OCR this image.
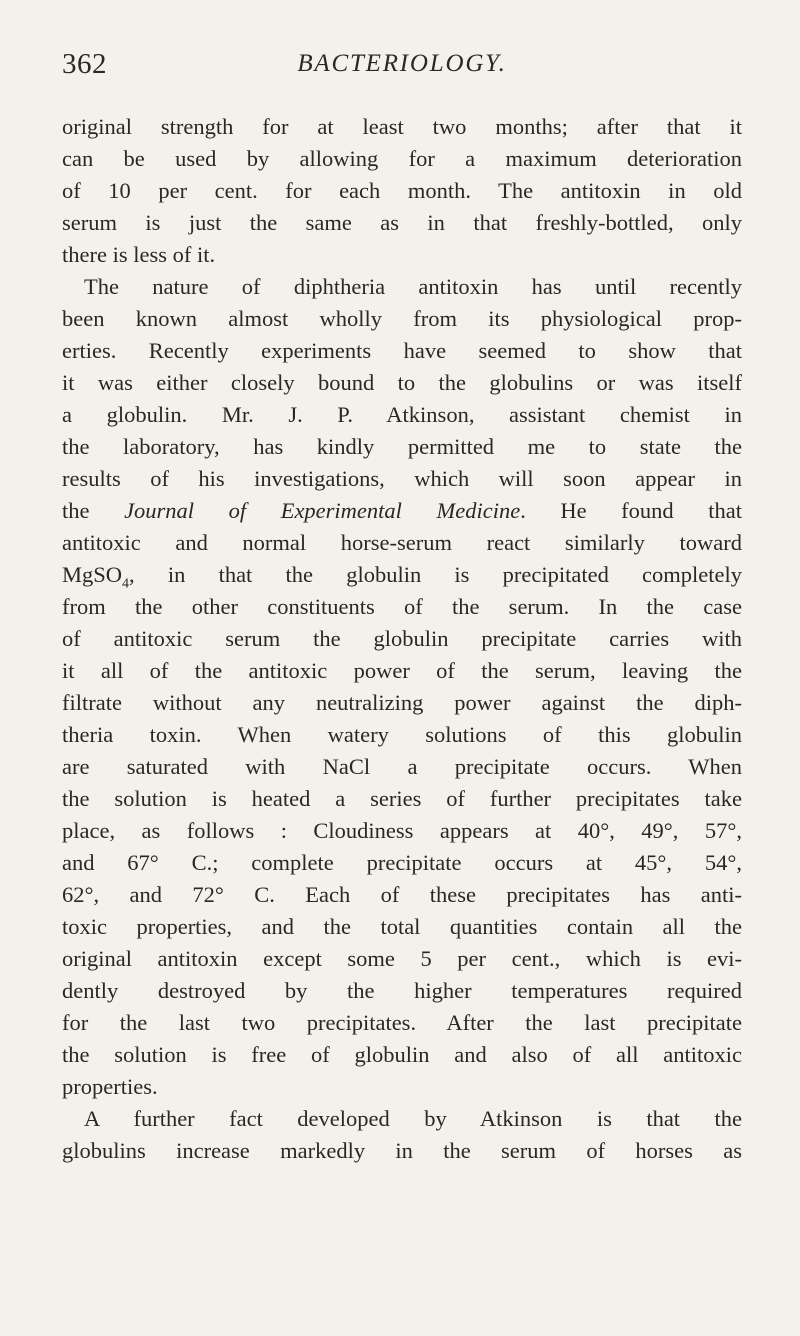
362	BACTERIOLOGY.
original strength for at least two months; after that it
can be used by allowing for a maximum deterioration
of 10 per cent. for each month. The antitoxin in old
serum is just the same as in that freshly-bottled, only
there is less of it.
The nature of diphtheria antitoxin has until recently
been known almost wholly from its physiological prop-
erties. Recently experiments have seemed to show that
it was either closely bound to the globulins or was itself
a globulin. Mr. J. P. Atkinson, assistant chemist in
the laboratory, has kindly permitted me to state the
results of his investigations, which will soon appear in
the Journal of Experimental Medicine. He found that
antitoxic and normal horse-serum react similarly toward
MgSO$_4$, in that the globulin is precipitated completely
from the other constituents of the serum. In the case
of antitoxic serum the globulin precipitate carries with
it all of the antitoxic power of the serum, leaving the
filtrate without any neutralizing power against the diph-
theria toxin. When watery solutions of this globulin
are saturated with NaCl a precipitate occurs. When
the solution is heated a series of further precipitates take
place, as follows : Cloudiness appears at 40°, 49°, 57°,
and 67° C.; complete precipitate occurs at 45°, 54°,
62°, and 72° C. Each of these precipitates has anti-
toxic properties, and the total quantities contain all the
original antitoxin except some 5 per cent., which is evi-
dently destroyed by the higher temperatures required
for the last two precipitates. After the last precipitate
the solution is free of globulin and also of all antitoxic
properties.
A further fact developed by Atkinson is that the
globulins increase markedly in the serum of horses as
